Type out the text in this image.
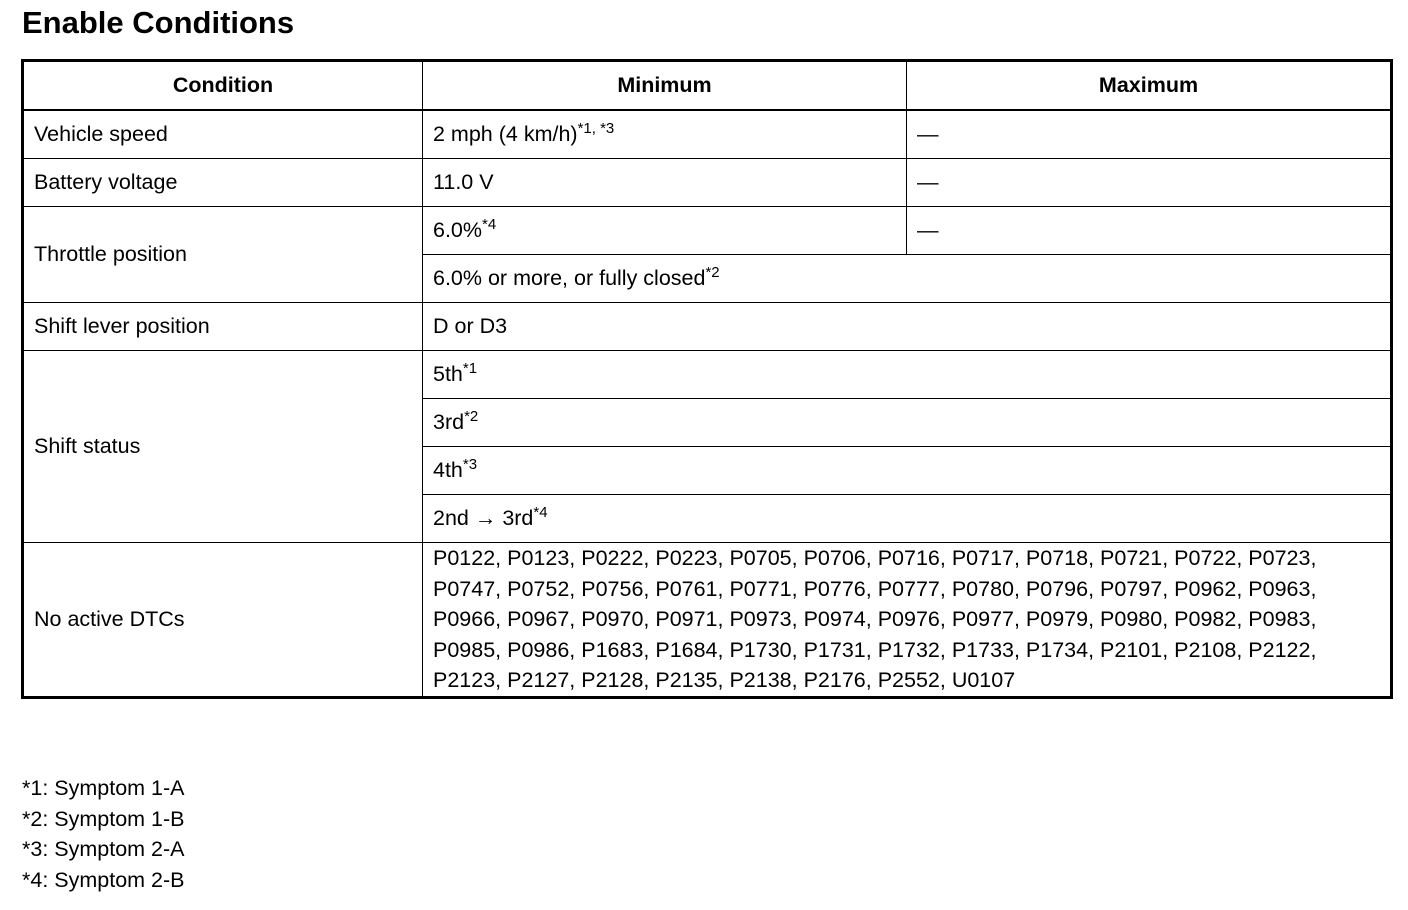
Enable Conditions
Condition	Minimum	Maximum
Vehicle speed	2 mph (4 km/h)$^{*1, *3}$	—
Battery voltage	11.0 V	—
Throttle position	6.0%$^{*4}$	—
	6.0% or more, or fully closed$^{*2}$
Shift lever position	D or D3	
Shift status	$5th^{*1}$
	$3rd^{*2}$
	$4th^{*3}$
	$2nd \to 3rd^{*4}$
No active DTCs	P0122, P0123, P0222, P0223, P0705, P0706, P0716, P0717, P0718, P0721, P0722, P0723, P0747, P0752, P0756, P0761, P0771, P0776, P0777, P0780, P0796, P0797, P0962, P0963, P0966, P0967, P0970, P0971, P0973, P0974, P0976, P0977, P0979, P0980, P0982, P0983, P0985, P0986, P1683, P1684, P1730, P1731, P1732, P1733, P1734, P2101, P2108, P2122, P2123, P2127, P2128, P2135, P2138, P2176, P2552, U0107	
*1: Symptom 1-A
*2: Symptom 1-B
*3: Symptom 2-A
*4: Symptom 2-B
